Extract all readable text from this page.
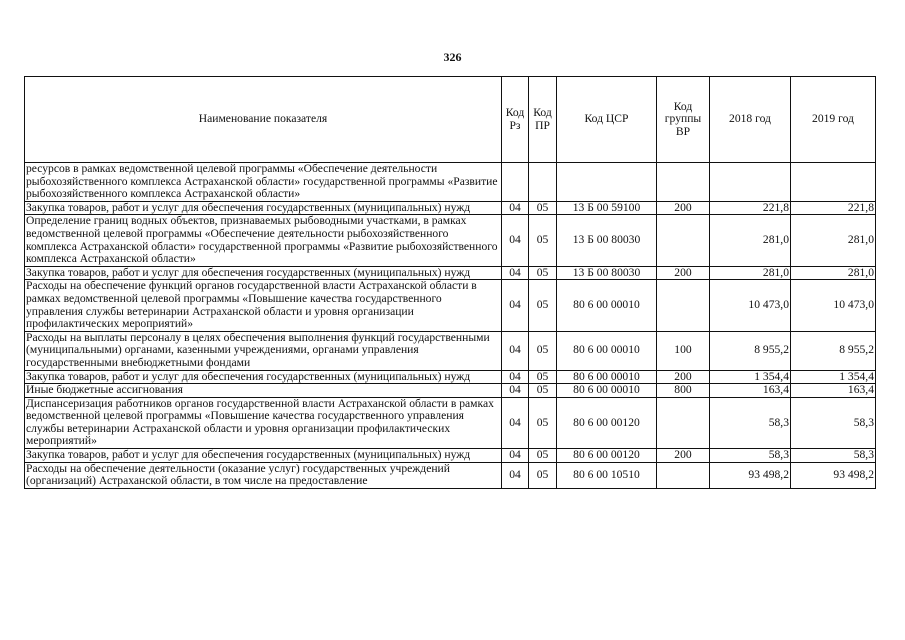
326
Наименование показателя	Код Рз	Код ПР	Код ЦСР	Код группы ВР	2018 год	2019 год
ресурсов в рамках ведомственной целевой программы «Обеспечение деятельности рыбохозяйственного комплекса Астраханской области» государственной программы «Развитие рыбохозяйственного комплекса Астраханской области»						
Закупка товаров, работ и услуг для обеспечения государственных (муниципальных) нужд	04	05	13 Б 00 59100	200	221,8	221,8
Определение границ водных объектов, признаваемых рыбоводными участками, в рамках ведомственной целевой программы «Обеспечение деятельности рыбохозяйственного комплекса Астраханской области» государственной программы «Развитие рыбохозяйственного комплекса Астраханской области»	04	05	13 Б 00 80030		281,0	281,0
Закупка товаров, работ и услуг для обеспечения государственных (муниципальных) нужд	04	05	13 Б 00 80030	200	281,0	281,0
Расходы на обеспечение функций органов государственной власти Астраханской области в рамках ведомственной целевой программы «Повышение качества государственного управления службы ветеринарии Астраханской области и уровня организации профилактических мероприятий»	04	05	80 6 00 00010		10 473,0	10 473,0
Расходы на выплаты персоналу в целях обеспечения выполнения функций государственными (муниципальными) органами, казенными учреждениями, органами управления государственными внебюджетными фондами	04	05	80 6 00 00010	100	8 955,2	8 955,2
Закупка товаров, работ и услуг для обеспечения государственных (муниципальных) нужд	04	05	80 6 00 00010	200	1 354,4	1 354,4
Иные бюджетные ассигнования	04	05	80 6 00 00010	800	163,4	163,4
Диспансеризация работников органов государственной власти Астраханской области в рамках ведомственной целевой программы «Повышение качества государственного управления службы ветеринарии Астраханской области и уровня организации профилактических мероприятий»	04	05	80 6 00 00120		58,3	58,3
Закупка товаров, работ и услуг для обеспечения государственных (муниципальных) нужд	04	05	80 6 00 00120	200	58,3	58,3
Расходы на обеспечение деятельности (оказание услуг) государственных учреждений (организаций) Астраханской области, в том числе на предоставление	04	05	80 6 00 10510		93 498,2	93 498,2
